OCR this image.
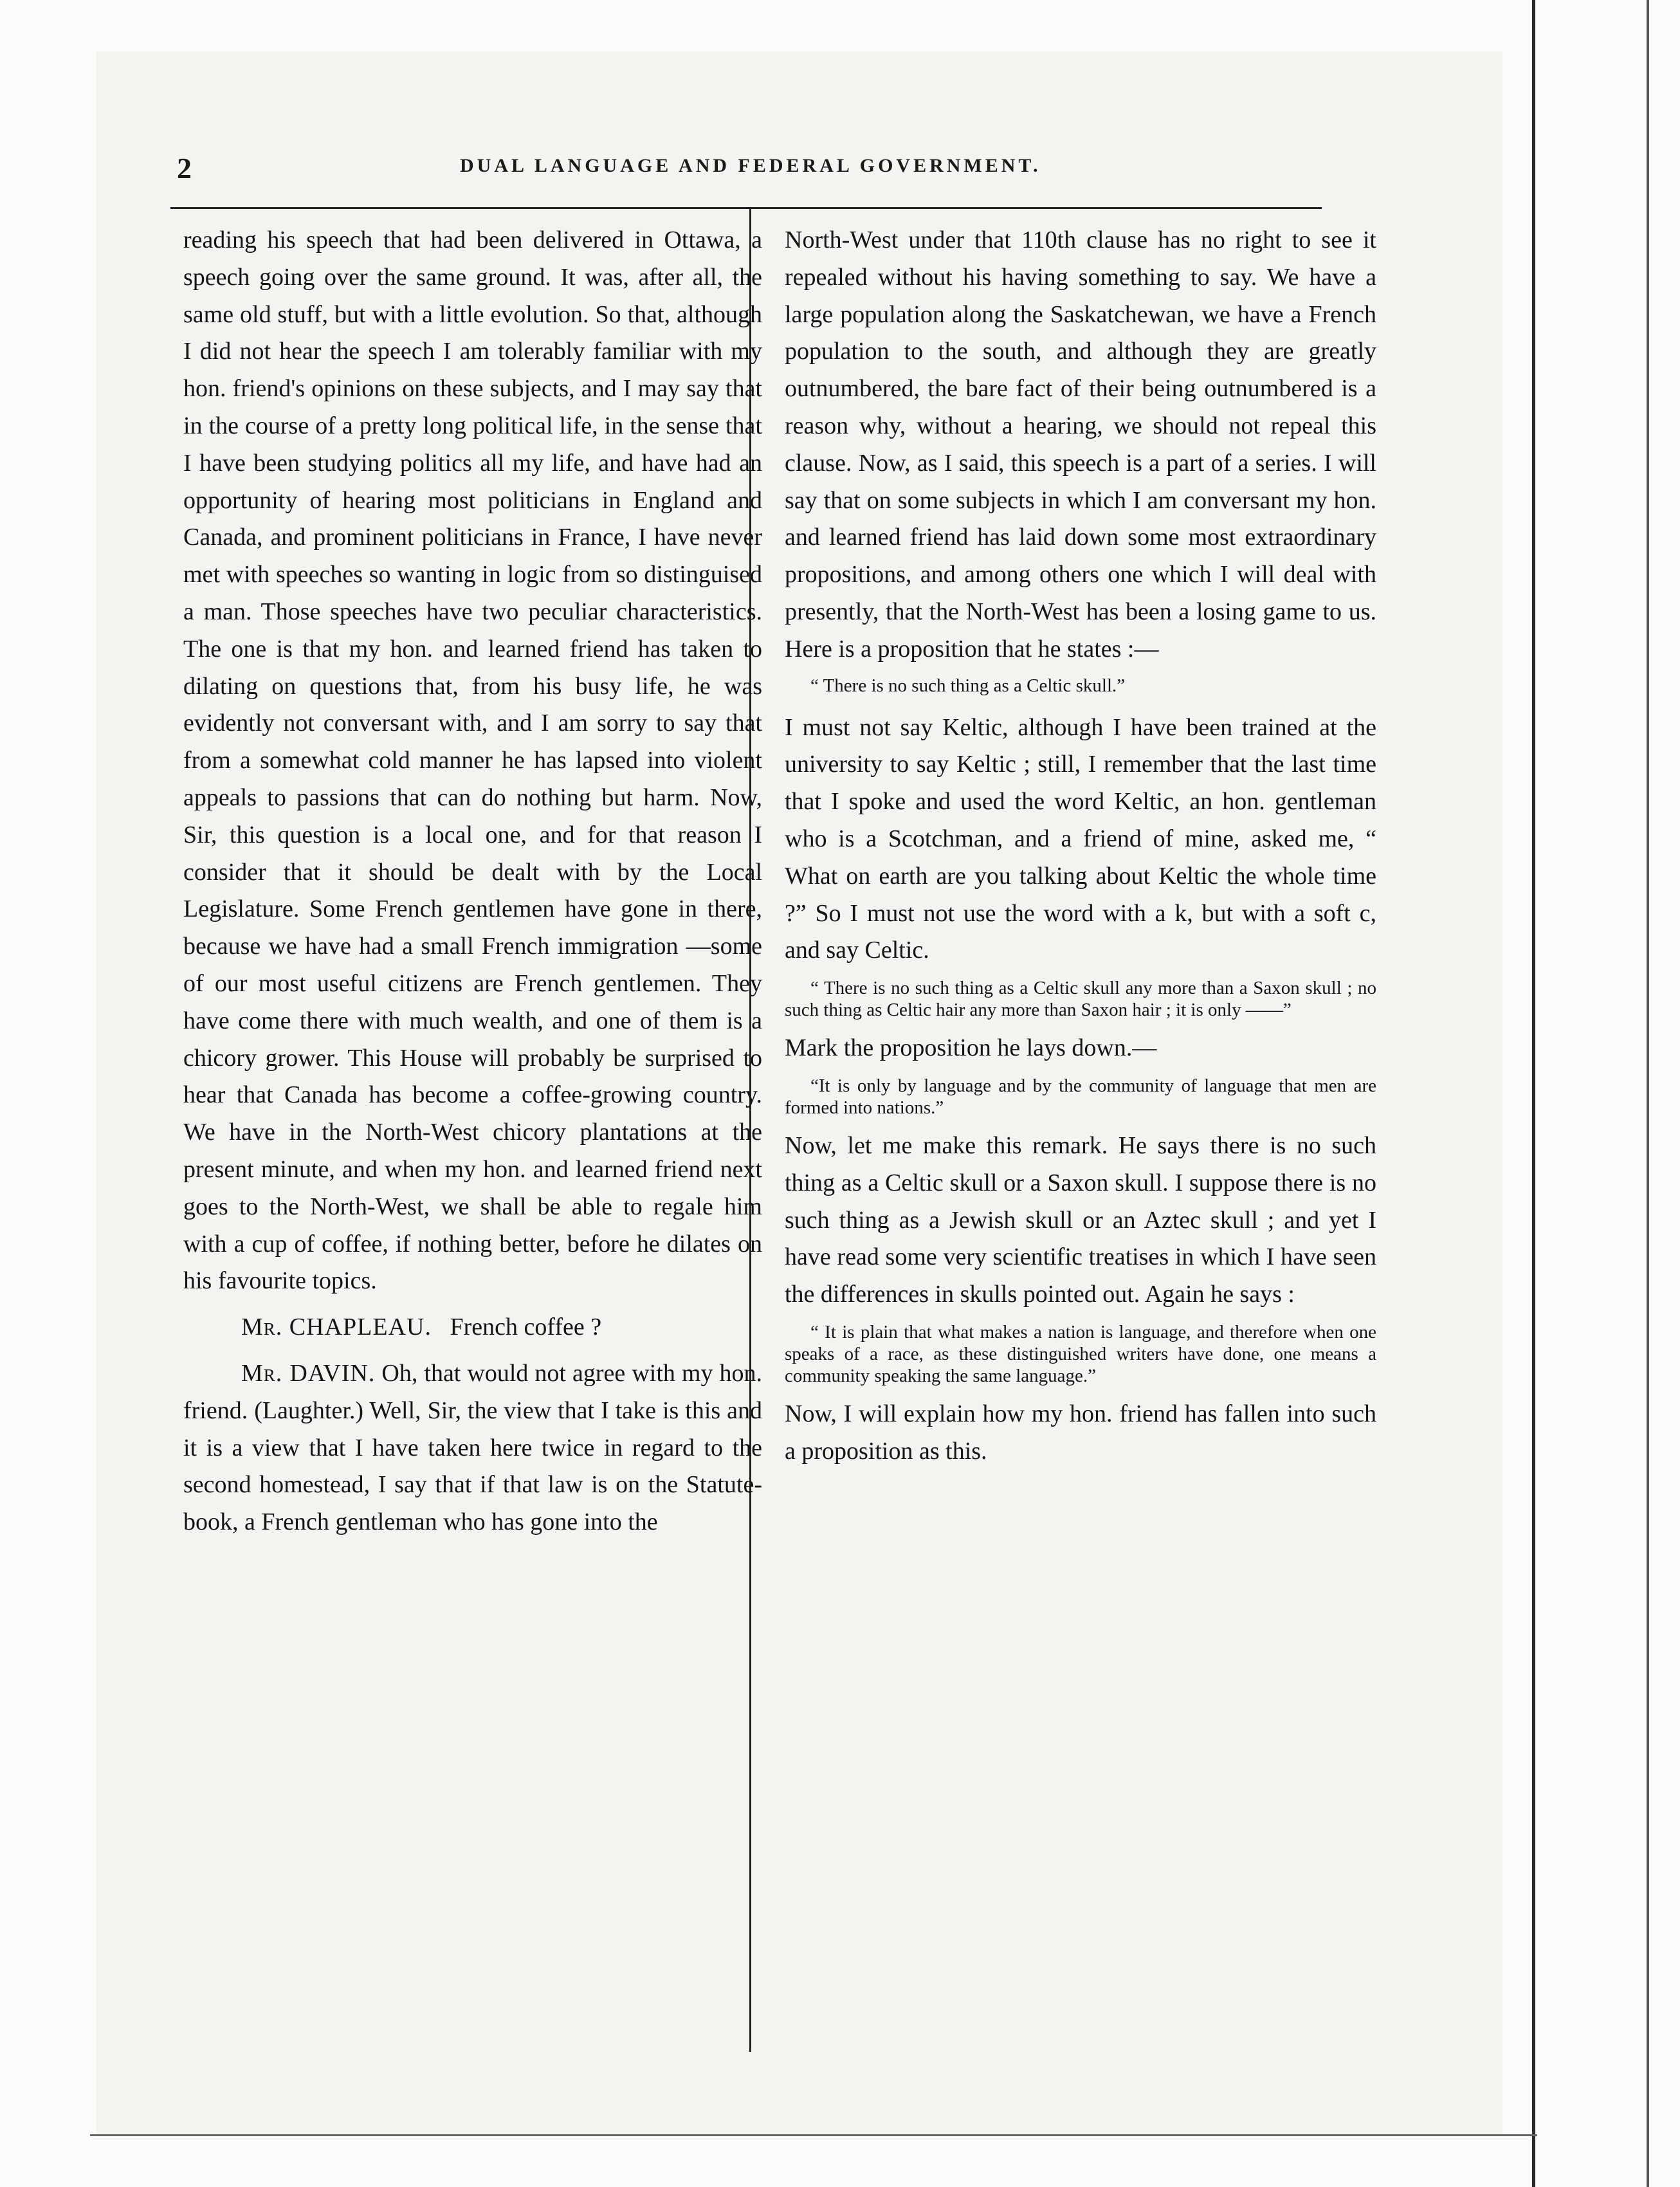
2	DUAL LANGUAGE AND FEDERAL GOVERNMENT.

reading his speech that had been delivered in Ottawa, a speech going over the same ground. It was, after all, the same old stuff, but with a little evolution. So that, although I did not hear the speech I am tolerably familiar with my hon. friend's opinions on these subjects, and I may say that in the course of a pretty long political life, in the sense that I have been studying politics all my life, and have had an opportunity of hearing most politicians in England and Canada, and prominent politicians in France, I have never met with speeches so wanting in logic from so distinguised a man. Those speeches have two peculiar characteristics. The one is that my hon. and learned friend has taken to dilating on questions that, from his busy life, he was evidently not conversant with, and I am sorry to say that from a somewhat cold manner he has lapsed into violent appeals to passions that can do nothing but harm. Now, Sir, this question is a local one, and for that reason I consider that it should be dealt with by the Local Legislature. Some French gentlemen have gone in there, because we have had a small French immigration —some of our most useful citizens are French gentlemen. They have come there with much wealth, and one of them is a chicory grower. This House will probably be surprised to hear that Canada has become a coffee-growing country. We have in the North-West chicory plantations at the present minute, and when my hon. and learned friend next goes to the North-West, we shall be able to regale him with a cup of coffee, if nothing better, before he dilates on his favourite topics.

Mr. CHAPLEAU. French coffee ?

Mr. DAVIN. Oh, that would not agree with my hon. friend. (Laughter.) Well, Sir, the view that I take is this and it is a view that I have taken here twice in regard to the second homestead, I say that if that law is on the Statute-book, a French gentleman who has gone into the

North-West under that 110th clause has no right to see it repealed without his having something to say. We have a large population along the Saskatchewan, we have a French population to the south, and although they are greatly outnumbered, the bare fact of their being outnumbered is a reason why, without a hearing, we should not repeal this clause. Now, as I said, this speech is a part of a series. I will say that on some subjects in which I am conversant my hon. and learned friend has laid down some most extraordinary propositions, and among others one which I will deal with presently, that the North-West has been a losing game to us. Here is a proposition that he states :—

“ There is no such thing as a Celtic skull.”

I must not say Keltic, although I have been trained at the university to say Keltic ; still, I remember that the last time that I spoke and used the word Keltic, an hon. gentleman who is a Scotchman, and a friend of mine, asked me, “ What on earth are you talking about Keltic the whole time ?” So I must not use the word with a k, but with a soft c, and say Celtic.

“ There is no such thing as a Celtic skull any more than a Saxon skull ; no such thing as Celtic hair any more than Saxon hair ; it is only ——”

Mark the proposition he lays down.—

“It is only by language and by the community of language that men are formed into nations.”

Now, let me make this remark. He says there is no such thing as a Celtic skull or a Saxon skull. I suppose there is no such thing as a Jewish skull or an Aztec skull ; and yet I have read some very scientific treatises in which I have seen the differences in skulls pointed out. Again he says :

“ It is plain that what makes a nation is language, and therefore when one speaks of a race, as these distinguished writers have done, one means a community speaking the same language.”

Now, I will explain how my hon. friend has fallen into such a proposition as this.
